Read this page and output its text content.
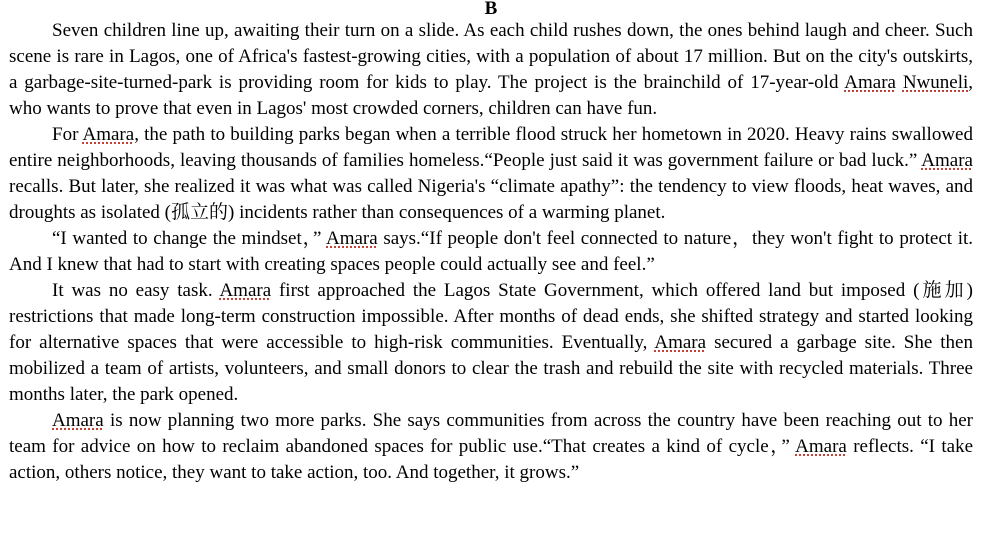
B

Seven children line up, awaiting their turn on a slide. As each child rushes down, the ones behind laugh and cheer. Such scene is rare in Lagos, one of Africa's fastest-growing cities, with a population of about 17 million. But on the city's outskirts, a garbage-site-turned-park is providing room for kids to play. The project is the brainchild of 17-year-old Amara Nwuneli, who wants to prove that even in Lagos' most crowded corners, children can have fun.

For Amara, the path to building parks began when a terrible flood struck her hometown in 2020. Heavy rains swallowed entire neighborhoods, leaving thousands of families homeless.“People just said it was government failure or bad luck.” Amara recalls. But later, she realized it was what was called Nigeria's “climate apathy”: the tendency to view floods, heat waves, and droughts as isolated (孤立的) incidents rather than consequences of a warming planet.

“I wanted to change the mindset，” Amara says.“If people don't feel connected to nature，they won't fight to protect it. And I knew that had to start with creating spaces people could actually see and feel.”

It was no easy task. Amara first approached the Lagos State Government, which offered land but imposed (施加) restrictions that made long-term construction impossible. After months of dead ends, she shifted strategy and started looking for alternative spaces that were accessible to high-risk communities. Eventually, Amara secured a garbage site. She then mobilized a team of artists, volunteers, and small donors to clear the trash and rebuild the site with recycled materials. Three months later, the park opened.

Amara is now planning two more parks. She says communities from across the country have been reaching out to her team for advice on how to reclaim abandoned spaces for public use.“That creates a kind of cycle，” Amara reflects. “I take action, others notice, they want to take action, too. And together, it grows.”
